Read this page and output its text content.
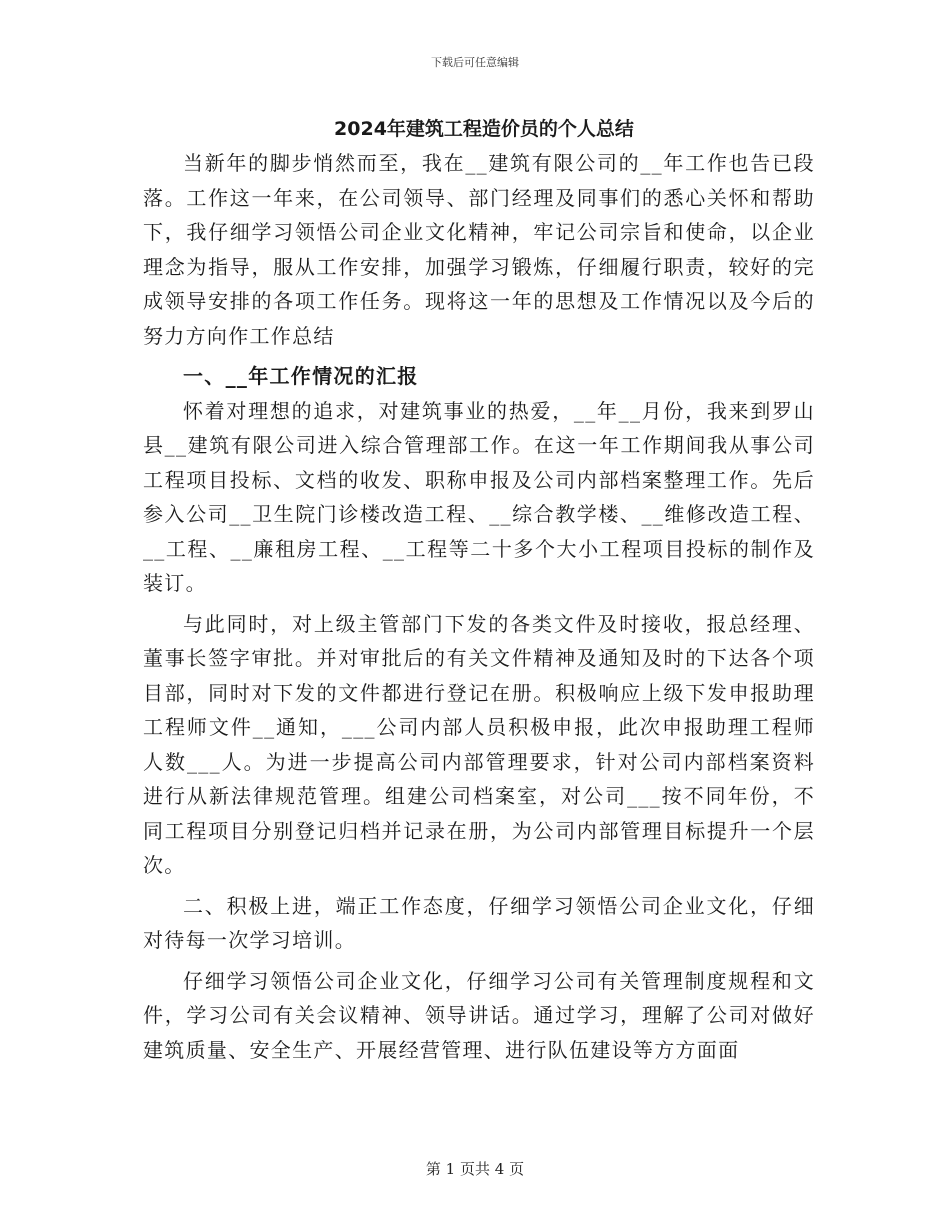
下载后可任意编辑
2024年建筑工程造价员的个人总结

当新年的脚步悄然而至，我在__建筑有限公司的__年工作也告已段落。工作这一年来，在公司领导、部门经理及同事们的悉心关怀和帮助下，我仔细学习领悟公司企业文化精神，牢记公司宗旨和使命，以企业理念为指导，服从工作安排，加强学习锻炼，仔细履行职责，较好的完成领导安排的各项工作任务。现将这一年的思想及工作情况以及今后的努力方向作工作总结

一、__年工作情况的汇报

怀着对理想的追求，对建筑事业的热爱，__年__月份，我来到罗山县__建筑有限公司进入综合管理部工作。在这一年工作期间我从事公司工程项目投标、文档的收发、职称申报及公司内部档案整理工作。先后参入公司__卫生院门诊楼改造工程、__综合教学楼、__维修改造工程、__工程、__廉租房工程、__工程等二十多个大小工程项目投标的制作及装订。

与此同时，对上级主管部门下发的各类文件及时接收，报总经理、董事长签字审批。并对审批后的有关文件精神及通知及时的下达各个项目部，同时对下发的文件都进行登记在册。积极响应上级下发申报助理工程师文件__通知，___公司内部人员积极申报，此次申报助理工程师人数___人。为进一步提高公司内部管理要求，针对公司内部档案资料进行从新法律规范管理。组建公司档案室，对公司___按不同年份，不同工程项目分别登记归档并记录在册，为公司内部管理目标提升一个层次。

二、积极上进，端正工作态度，仔细学习领悟公司企业文化，仔细对待每一次学习培训。

仔细学习领悟公司企业文化，仔细学习公司有关管理制度规程和文件，学习公司有关会议精神、领导讲话。通过学习，理解了公司对做好建筑质量、安全生产、开展经营管理、进行队伍建设等方方面面

第 1 页共 4 页
